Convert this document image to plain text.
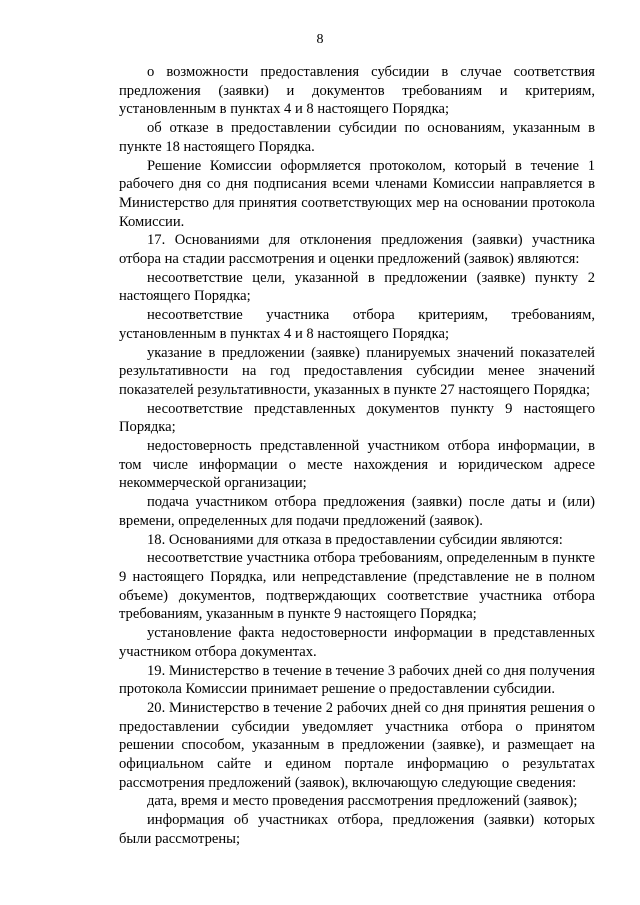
8

о возможности предоставления субсидии в случае соответствия предложения (заявки) и документов требованиям и критериям, установленным в пунктах 4 и 8 настоящего Порядка;

об отказе в предоставлении субсидии по основаниям, указанным в пункте 18 настоящего Порядка.

Решение Комиссии оформляется протоколом, который в течение 1 рабочего дня со дня подписания всеми членами Комиссии направляется в Министерство для принятия соответствующих мер на основании протокола Комиссии.

17. Основаниями для отклонения предложения (заявки) участника отбора на стадии рассмотрения и оценки предложений (заявок) являются:

несоответствие цели, указанной в предложении (заявке) пункту 2 настоящего Порядка;

несоответствие участника отбора критериям, требованиям, установленным в пунктах 4 и 8 настоящего Порядка;

указание в предложении (заявке) планируемых значений показателей результативности на год предоставления субсидии менее значений показателей результативности, указанных в пункте 27 настоящего Порядка;

несоответствие представленных документов пункту 9 настоящего Порядка;

недостоверность представленной участником отбора информации, в том числе информации о месте нахождения и юридическом адресе некоммерческой организации;

подача участником отбора предложения (заявки) после даты и (или) времени, определенных для подачи предложений (заявок).

18. Основаниями для отказа в предоставлении субсидии являются:

несоответствие участника отбора требованиям, определенным в пункте 9 настоящего Порядка, или непредставление (представление не в полном объеме) документов, подтверждающих соответствие участника отбора требованиям, указанным в пункте 9 настоящего Порядка;

установление факта недостоверности информации в представленных участником отбора документах.

19. Министерство в течение в течение 3 рабочих дней со дня получения протокола Комиссии принимает решение о предоставлении субсидии.

20. Министерство в течение 2 рабочих дней со дня принятия решения о предоставлении субсидии уведомляет участника отбора о принятом решении способом, указанным в предложении (заявке), и размещает на официальном сайте и едином портале информацию о результатах рассмотрения предложений (заявок), включающую следующие сведения:

дата, время и место проведения рассмотрения предложений (заявок);

информация об участниках отбора, предложения (заявки) которых были рассмотрены;
